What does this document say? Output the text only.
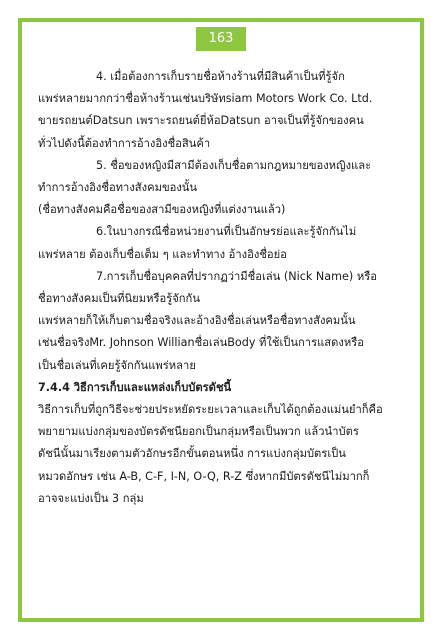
163
4. เมื่อต้องการเก็บรายชื่อห้างร้านที่มีสินค้าเป็นที่รู้จัก
แพร่หลายมากกว่าชื่อห้างร้านเช่นบริษัทsiam Motors Work Co. Ltd.
ขายรถยนต์Datsun เพราะรถยนต์ยี่ห้อDatsun อาจเป็นที่รู้จักของคน
ทั่วไปดังนี้ต้องทำการอ้างอิงชื่อสินค้า
5. ชื่อของหญิงมีสามีต้องเก็บชื่อตามกฎหมายของหญิงและ
ทำการอ้างอิงชื่อทางสังคมของนั้น
(ชื่อทางสังคมคือชื่อของสามีของหญิงที่แต่งงานแล้ว)
6.ในบางกรณีชื่อหน่วยงานที่เป็นอักษรย่อและรู้จักกันไม่
แพร่หลาย ต้องเก็บชื่อเต็ม ๆ และทำทาง อ้างอิงชื่อย่อ
7.การเก็บชื่อบุคคลที่ปรากฏว่ามีชื่อเล่น (Nick Name) หรือ
ชื่อทางสังคมเป็นที่นิยมหรือรู้จักกัน
แพร่หลายก็ให้เก็บตามชื่อจริงและอ้างอิงชื่อเล่นหรือชื่อทางสังคมนั้น
เช่นชื่อจริงMr. Johnson Willianชื่อเล่นBody ที่ใช้เป็นการแสดงหรือ
เป็นชื่อเล่นที่เคยรู้จักกันแพร่หลาย
7.4.4 วิธีการเก็บและแหล่งเก็บบัตรดัชนี้
วิธีการเก็บที่ถูกวิธีจะช่วยประหยัดระยะเวลาและเก็บได้ถูกต้องแม่นยำก็คือ
พยายามแบ่งกลุ่มของบัตรดัชนียอกเป็นกลุ่มหรือเป็นพวก แล้วนำบัตร
ดัชนีนั้นมาเรียงตามตัวอักษรอีกขั้นตอนหนึ่ง การแบ่งกลุ่มบัตรเป็น
หมวดอักษร เช่น A-B, C-F, I-N, O-Q, R-Z ซึ่งหากมีบัตรดัชนีไม่มากก็
อาจจะแบ่งเป็น 3 กลุ่ม
